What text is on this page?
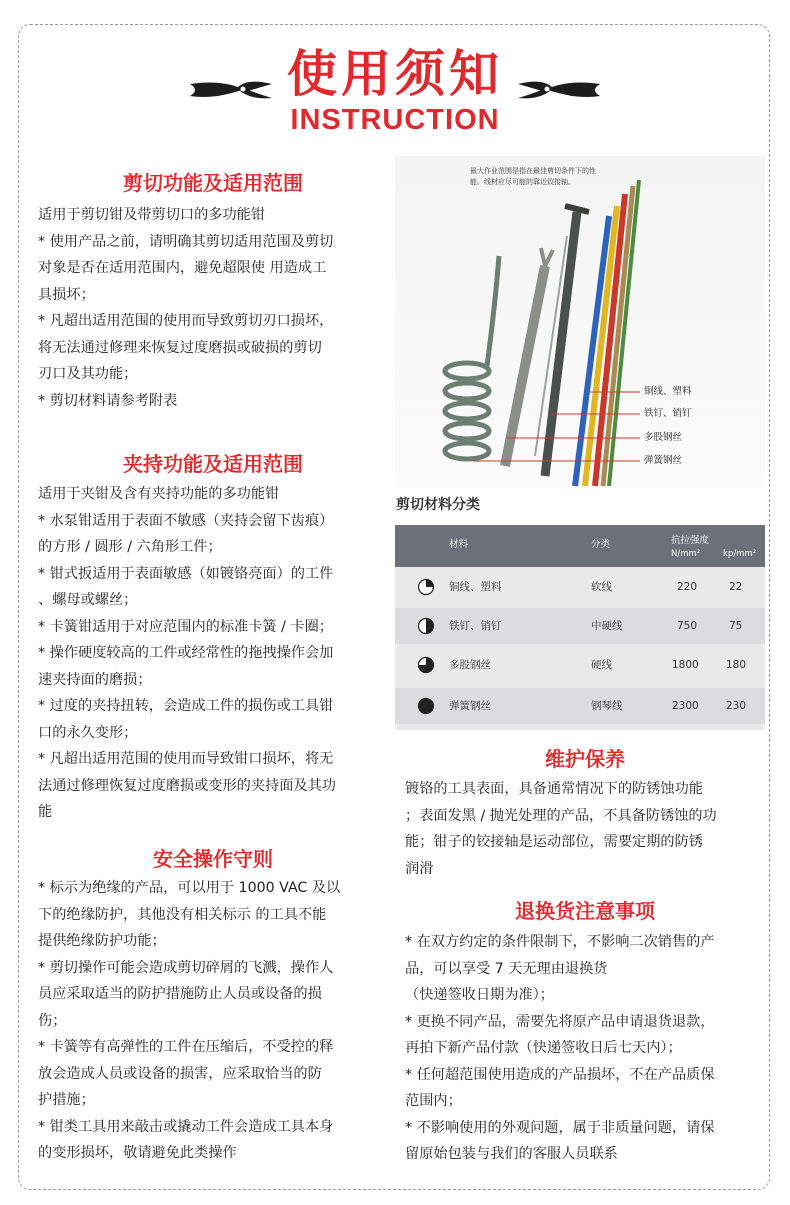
使用须知
INSTRUCTION
剪切功能及适用范围

适用于剪切钳及带剪切口的多功能钳

* 使用产品之前，请明确其剪切适用范围及剪切

对象是否在适用范围内，避免超限使 用造成工

具损坏；

* 凡超出适用范围的使用而导致剪切刃口损坏，

将无法通过修理来恢复过度磨损或破损的剪切

刃口及其功能；

* 剪切材料请参考附表

夹持功能及适用范围

适用于夹钳及含有夹持功能的多功能钳

* 水泵钳适用于表面不敏感（夹持会留下齿痕）

的方形 / 圆形 / 六角形工件；

* 钳式扳适用于表面敏感（如镀铬亮面）的工件

、螺母或螺丝；

* 卡簧钳适用于对应范围内的标准卡簧 / 卡圈；

* 操作硬度较高的工件或经常性的拖拽操作会加

速夹持面的磨损；

* 过度的夹持扭转，会造成工件的损伤或工具钳

口的永久变形；

* 凡超出适用范围的使用而导致钳口损坏，将无

法通过修理恢复过度磨损或变形的夹持面及其功

能

安全操作守则

* 标示为绝缘的产品，可以用于 1000 VAC 及以

下的绝缘防护，其他没有相关标示 的工具不能

提供绝缘防护功能；

* 剪切操作可能会造成剪切碎屑的飞溅，操作人

员应采取适当的防护措施防止人员或设备的损

伤；

* 卡簧等有高弹性的工件在压缩后，不受控的释

放会造成人员或设备的损害，应采取恰当的防

护措施；

* 钳类工具用来敲击或撬动工件会造成工具本身

的变形损坏，敬请避免此类操作

最大作业范围是指在最佳剪切条件下的性能。线材应尽可能的靠近铰接轴。
铜线、塑料
铁钉、销钉
多股钢丝
弹簧钢丝
剪切材料分类
材料	分类	抗拉强度
N/mm²	kp/mm²
铜线、塑料	软线	220	22
铁钉、销钉	中硬线	750	75
多股钢丝	硬线	1800	180
弹簧钢丝	钢琴线	2300	230
维护保养

镀铬的工具表面，具备通常情况下的防锈蚀功能

；表面发黑 / 抛光处理的产品，不具备防锈蚀的功

能；钳子的铰接轴是运动部位，需要定期的防锈

润滑

退换货注意事项

* 在双方约定的条件限制下，不影响二次销售的产

品，可以享受 7 天无理由退换货

（快递签收日期为准）；

* 更换不同产品，需要先将原产品申请退货退款，

再拍下新产品付款（快递签收日后七天内）；

* 任何超范围使用造成的产品损坏，不在产品质保

范围内；

* 不影响使用的外观问题，属于非质量问题，请保

留原始包装与我们的客服人员联系
